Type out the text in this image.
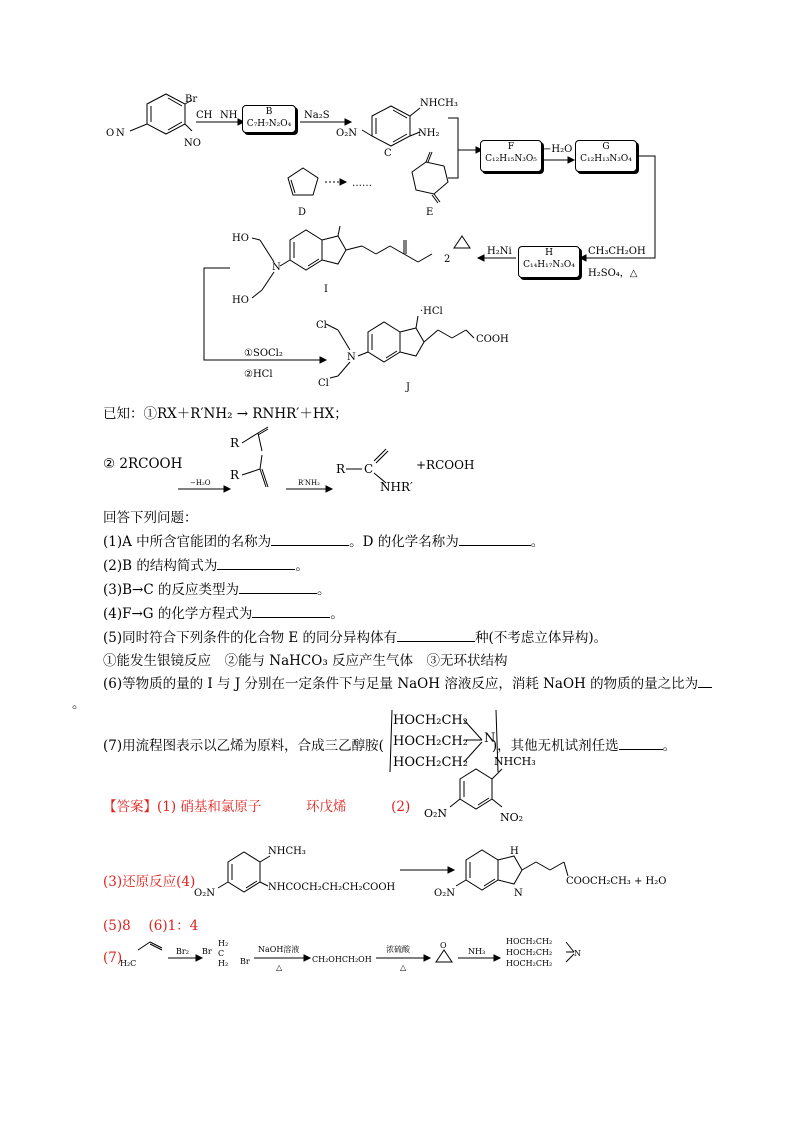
Br
O N
NO
CH NH	Na₂S
NHCH₃
O₂N	NH₂
C
D
……
E
−H₂O
CH₃CH₂OH
H₂SO₄，△
H₂Ni
2
HO
HO
N
I
①SOCl₂
②HCl
Cl
Cl
N
·HCl
COOH
J
B
C₇H₇N₂O₄
F
C₁₂H₁₅N₃O₅
G
C₁₂H₁₃N₃O₄
H
C₁₄H₁₇N₃O₄
已知：①RX＋R′NH₂ → RNHR′＋HX；
R
R
−H₂O	R′NH₂
R C
NHR′
+RCOOH
② 2RCOOH
回答下列问题：
(1)A 中所含官能团的名称为	。D 的化学名称为	。
(2)B 的结构简式为	。
(3)B→C 的反应类型为	。
(4)F→G 的化学方程式为	。
(5)同时符合下列条件的化合物 E 的同分异构体有	种(不考虑立体异构)。
①能发生银镜反应　②能与 NaHCO₃ 反应产生气体　③无环状结构
(6)等物质的量的 I 与 J 分别在一定条件下与足量 NaOH 溶液反应，消耗 NaOH 的物质的量之比为
。
(7)用流程图表示以乙烯为原料，合成三乙醇胺(	)，其他无机试剂任选	。
HOCH₂CH₂
HOCH₂CH₂
HOCH₂CH₂
N
【答案】(1) 硝基和氯原子	环戊烯	(2)
NHCH₃
O₂N	NO₂
(3)还原反应(4)
NHCH₃
O₂N
NHCOCH₂CH₂CH₂COOH
H
N
COOCH₂CH₃ + H₂O
O₂N
(5)8　 (6)1：4
(7)
H₂C
Br₂ Br
H₂
C
H₂ Br
NaOH溶液
△
CH₂OHCH₂OH
浓硫酸
△
O
NH₃
HOCH₂CH₂
HOCH₂CH₂
HOCH₂CH₂
N
